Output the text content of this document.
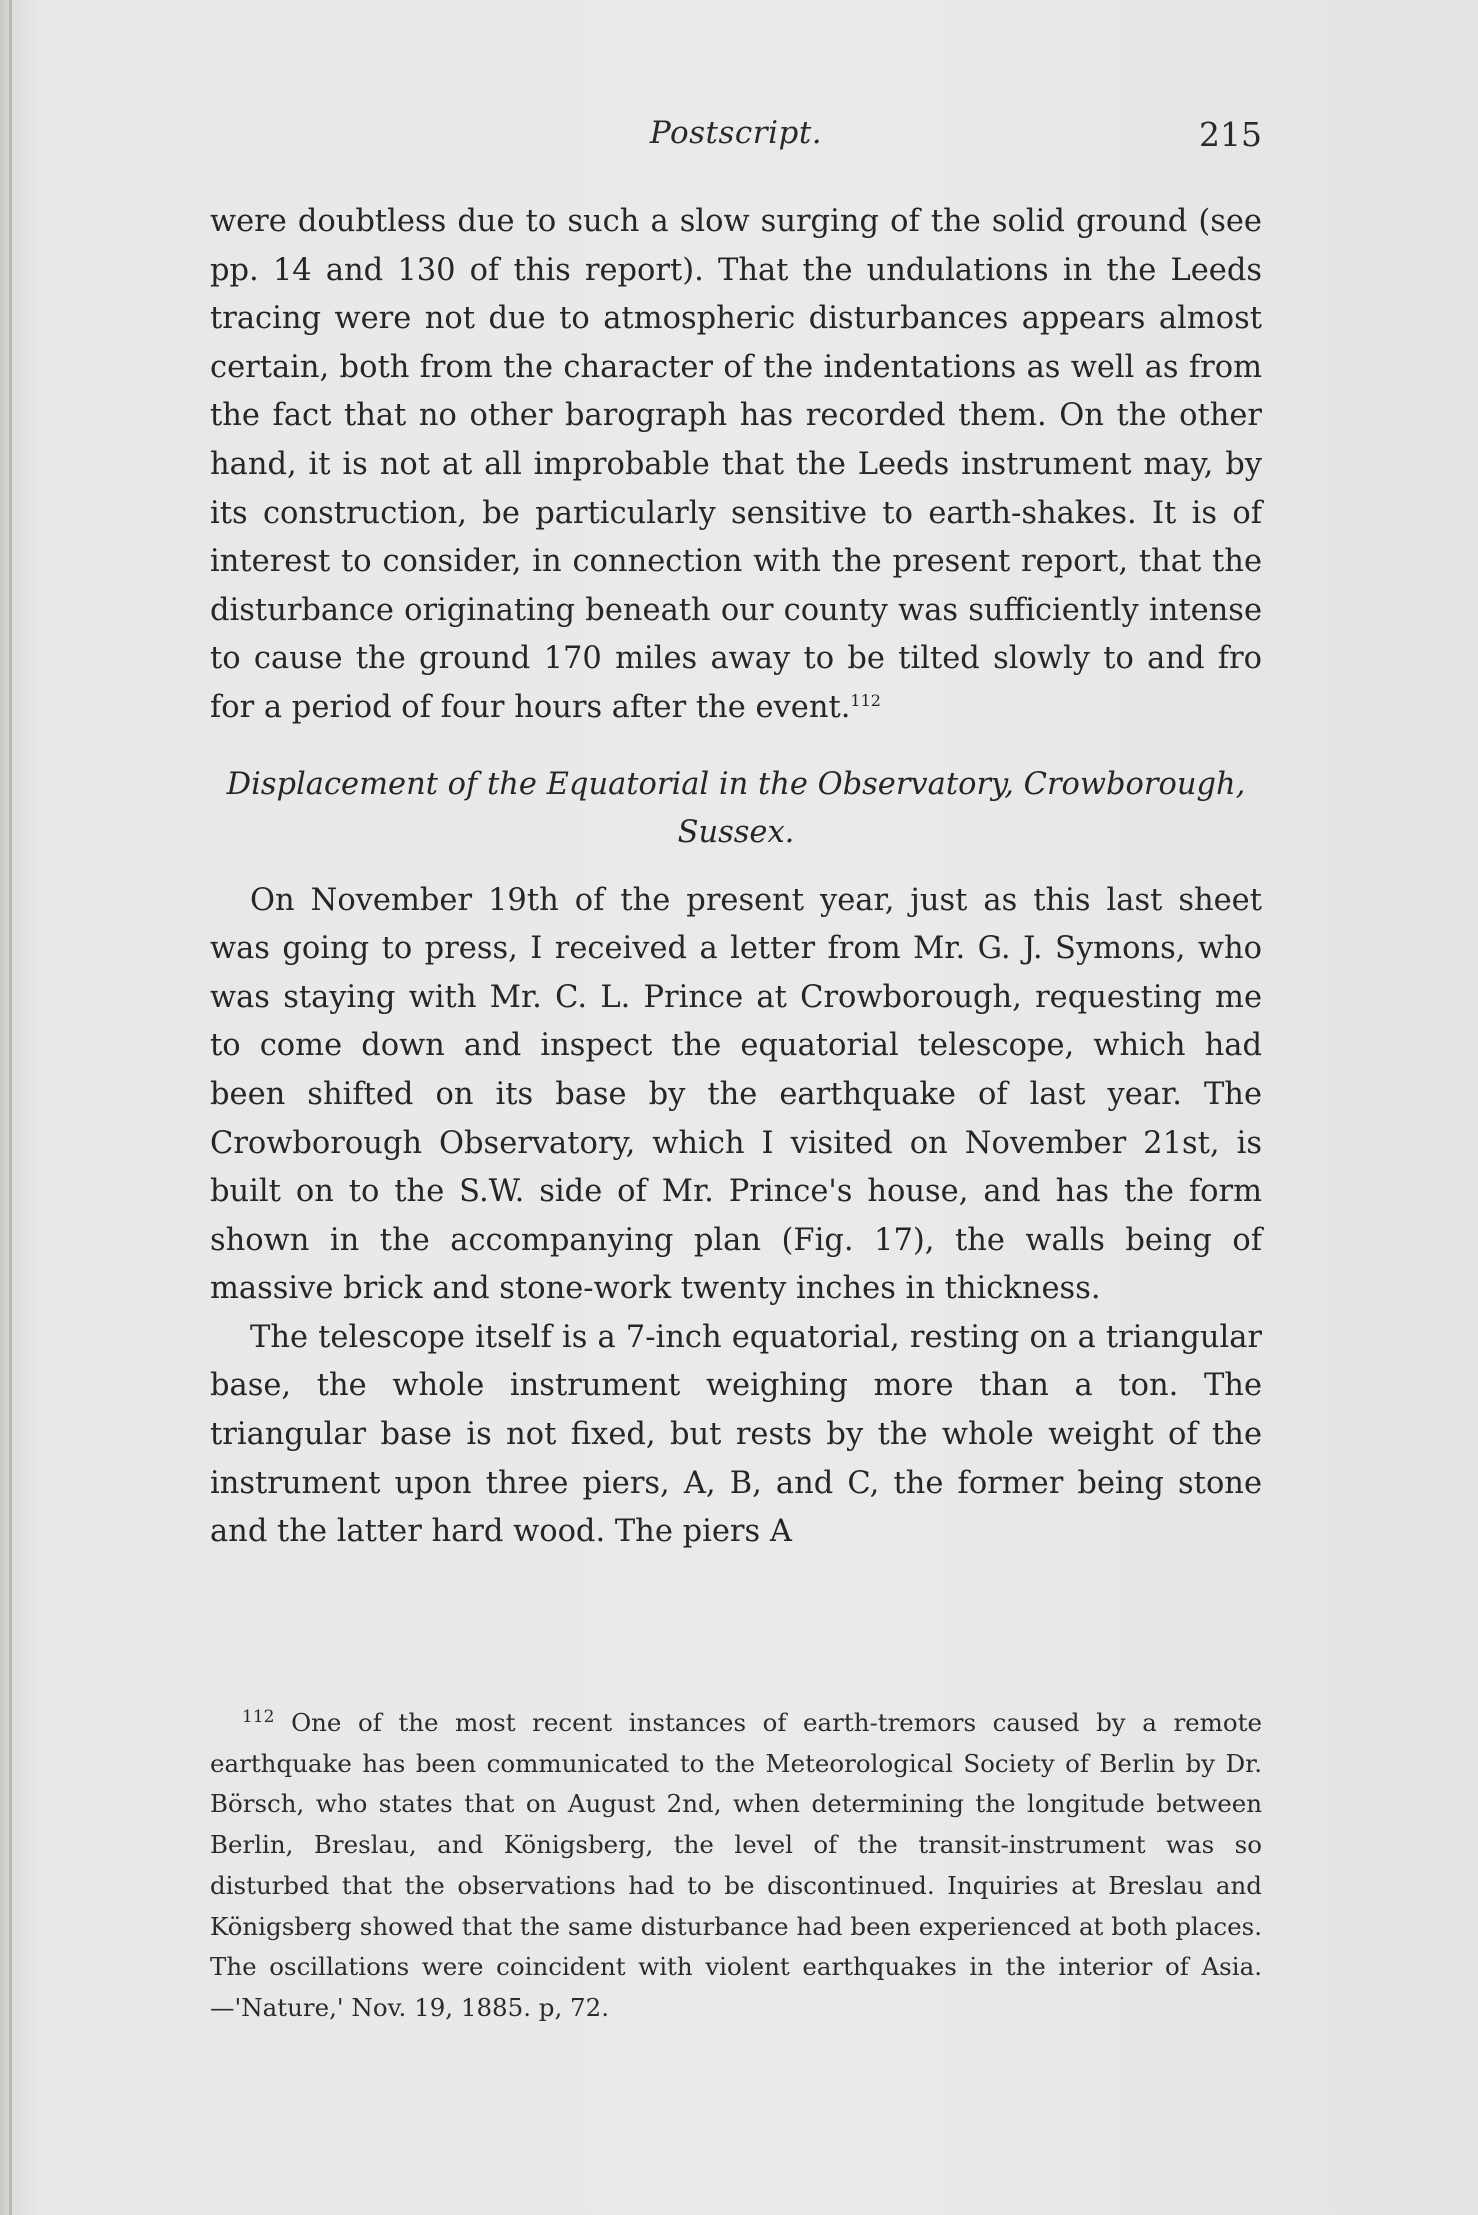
Postscript.	215

were doubtless due to such a slow surging of the solid ground (see pp. 14 and 130 of this report). That the undulations in the Leeds tracing were not due to atmospheric disturbances appears almost certain, both from the character of the indentations as well as from the fact that no other barograph has recorded them. On the other hand, it is not at all improbable that the Leeds instrument may, by its construction, be particularly sensitive to earth-shakes. It is of interest to consider, in connection with the present report, that the disturbance originating beneath our county was sufficiently intense to cause the ground 170 miles away to be tilted slowly to and fro for a period of four hours after the event.$^{112}$

Displacement of the Equatorial in the Observatory, Crowborough, Sussex.

On November 19th of the present year, just as this last sheet was going to press, I received a letter from Mr. G. J. Symons, who was staying with Mr. C. L. Prince at Crowborough, requesting me to come down and inspect the equatorial telescope, which had been shifted on its base by the earthquake of last year. The Crowborough Observatory, which I visited on November 21st, is built on to the S.W. side of Mr. Prince's house, and has the form shown in the accompanying plan (Fig. 17), the walls being of massive brick and stone-work twenty inches in thickness.

The telescope itself is a 7-inch equatorial, resting on a triangular base, the whole instrument weighing more than a ton. The triangular base is not fixed, but rests by the whole weight of the instrument upon three piers, A, B, and C, the former being stone and the latter hard wood. The piers A

$^{112}$ One of the most recent instances of earth-tremors caused by a remote earthquake has been communicated to the Meteorological Society of Berlin by Dr. Börsch, who states that on August 2nd, when determining the longitude between Berlin, Breslau, and Königsberg, the level of the transit-instrument was so disturbed that the observations had to be discontinued. Inquiries at Breslau and Königsberg showed that the same disturbance had been experienced at both places. The oscillations were coincident with violent earthquakes in the interior of Asia.—'Nature,' Nov. 19, 1885. p, 72.
